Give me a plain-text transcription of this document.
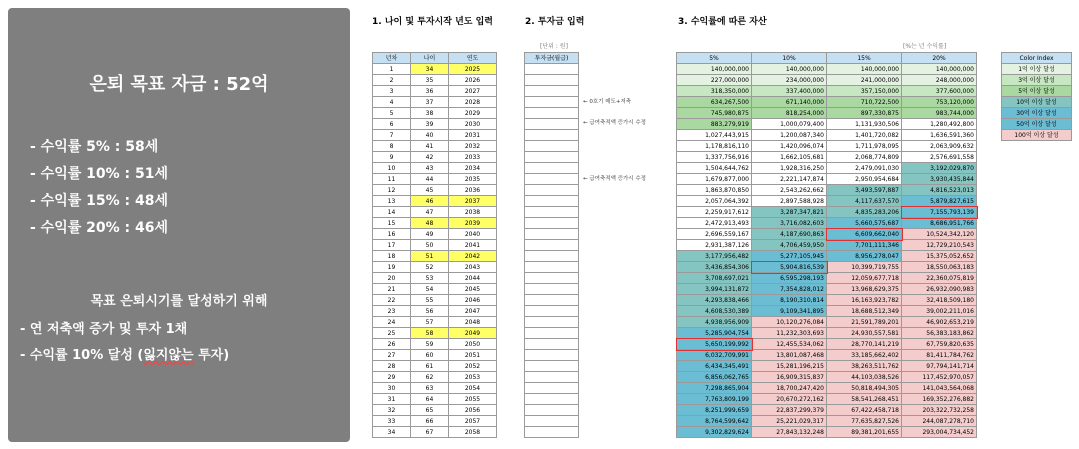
은퇴 목표 자금 : 52억
- 수익률 5% : 58세
- 수익률 10% : 51세
- 수익률 15% : 48세
- 수익률 20% : 46세
목표 은퇴시기를 달성하기 위해
- 연 저축액 증가 및 투자 1채
- 수익률 10% 달성 (잃지않는 투자)
1. 나이 및 투자시작 년도 입력	2. 투자금 입력	3. 수익률에 따른 자산
[단위 : 원]	[%는 년 수익률]
년차	나이	연도
1	34	2025
2	35	2026
3	36	2027
4	37	2028
5	38	2029
6	39	2030
7	40	2031
8	41	2032
9	42	2033
10	43	2034
11	44	2035
12	45	2036
13	46	2037
14	47	2038
15	48	2039
16	49	2040
17	50	2041
18	51	2042
19	52	2043
20	53	2044
21	54	2045
22	55	2046
23	56	2047
24	57	2048
25	58	2049
26	59	2050
27	60	2051
28	61	2052
29	62	2053
30	63	2054
31	64	2055
32	65	2056
33	66	2057
34	67	2058
투자금(월급)

← 0호기 매도+저축
← 급여축적액 증가시 수정
← 급여축적액 증가시 수정
5%	10%	15%	20%
140,000,000	140,000,000	140,000,000	140,000,000
227,000,000	234,000,000	241,000,000	248,000,000
318,350,000	337,400,000	357,150,000	377,600,000
634,267,500	671,140,000	710,722,500	753,120,000
745,980,875	818,254,000	897,330,875	983,744,000
883,279,919	1,000,079,400	1,131,930,506	1,280,492,800
1,027,443,915	1,200,087,340	1,401,720,082	1,636,591,360
1,178,816,110	1,420,096,074	1,711,978,095	2,063,909,632
1,337,756,916	1,662,105,681	2,068,774,809	2,576,691,558
1,504,644,762	1,928,316,250	2,479,091,030	3,192,029,870
1,679,877,000	2,221,147,874	2,950,954,684	3,930,435,844
1,863,870,850	2,543,262,662	3,493,597,887	4,816,523,013
2,057,064,392	2,897,588,928	4,117,637,570	5,879,827,615
2,259,917,612	3,287,347,821	4,835,283,206	7,155,793,139
2,472,913,493	3,716,082,603	5,660,575,687	8,686,951,766
2,696,559,167	4,187,690,863	6,609,662,040	10,524,342,120
2,931,387,126	4,706,459,950	7,701,111,346	12,729,210,543
3,177,956,482	5,277,105,945	8,956,278,047	15,375,052,652
3,436,854,306	5,904,816,539	10,399,719,755	18,550,063,183
3,708,697,021	6,595,298,193	12,059,677,718	22,360,075,819
3,994,131,872	7,354,828,012	13,968,629,375	26,932,090,983
4,293,838,466	8,190,310,814	16,163,923,782	32,418,509,180
4,608,530,389	9,109,341,895	18,688,512,349	39,002,211,016
4,938,956,909	10,120,276,084	21,591,789,201	46,902,653,219
5,285,904,754	11,232,303,693	24,930,557,581	56,383,183,862
5,650,199,992	12,455,534,062	28,770,141,219	67,759,820,635
6,032,709,991	13,801,087,468	33,185,662,402	81,411,784,762
6,434,345,491	15,281,196,215	38,263,511,762	97,794,141,714
6,856,062,765	16,909,315,837	44,103,038,526	117,452,970,057
7,298,865,904	18,700,247,420	50,818,494,305	141,043,564,068
7,763,809,199	20,670,272,162	58,541,268,451	169,352,276,882
8,251,999,659	22,837,299,379	67,422,458,718	203,322,732,258
8,764,599,642	25,221,029,317	77,635,827,526	244,087,278,710
9,302,829,624	27,843,132,248	89,381,201,655	293,004,734,452
Color Index
1억 이상 달성
3억 이상 달성
5억 이상 달성
10억 이상 달성
30억 이상 달성
50억 이상 달성
100억 이상 달성
